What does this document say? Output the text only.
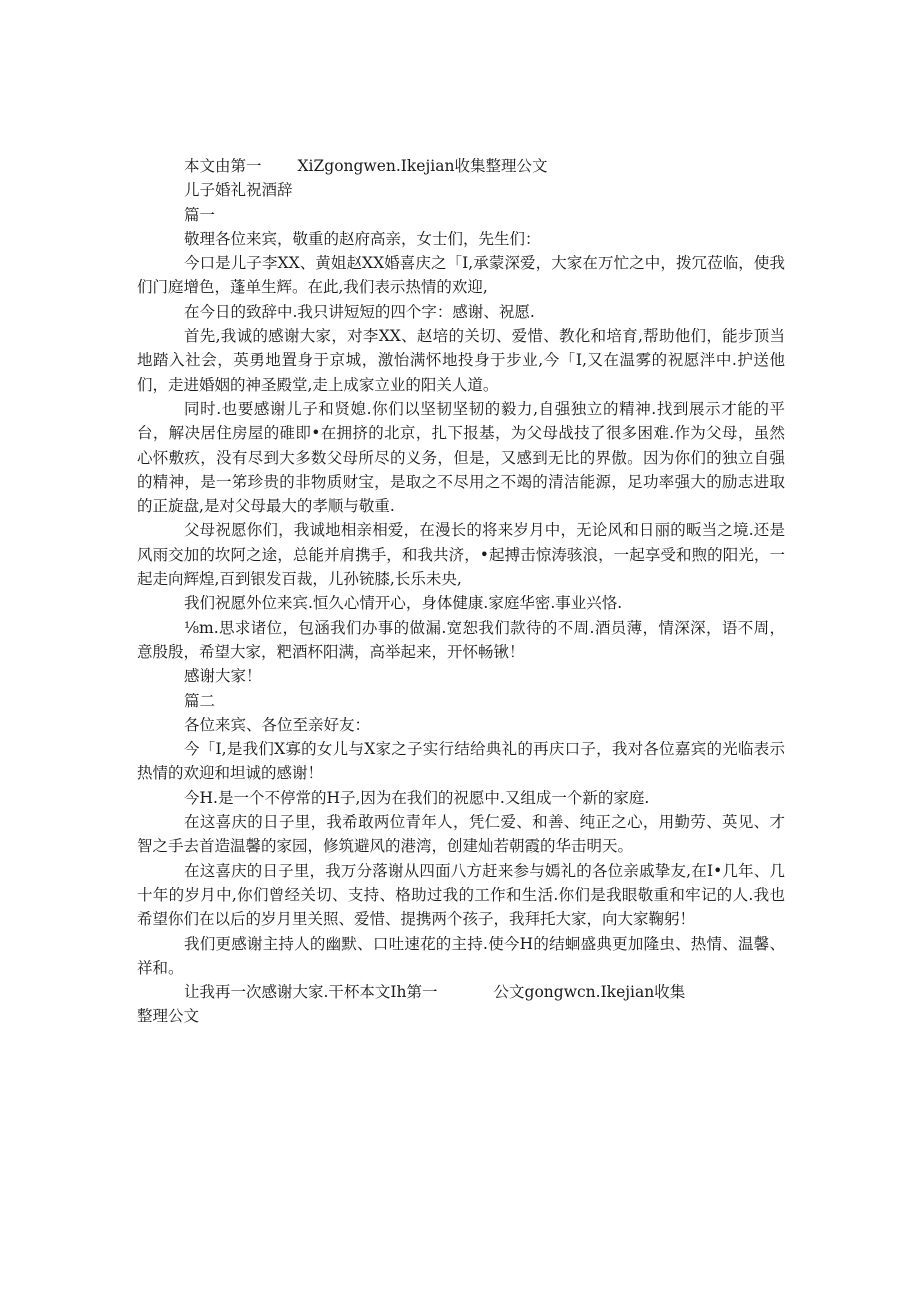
本文由第一 XiZgongwen.Ikejian收集整理公文
儿子婚礼祝酒辞
篇一
敬理各位来宾，敬重的赵府高亲，女士们，先生们：

今口是儿子李XX、黄姐赵XX婚喜庆之「I,承蒙深爱，大家在万忙之中，拨冗莅临，使我们门庭增色，蓬单生辉。在此,我们表示热情的欢迎,

在今日的致辞中.我只讲短短的四个字：感谢、祝愿.

首先,我诚的感谢大家，对李XX、赵培的关切、爱惜、教化和培育,帮助他们，能步顶当地踏入社会，英勇地置身于京城，激怡满怀地投身于步业,今「I,又在温雾的祝愿泮中.护送他们，走进婚姻的神圣殿堂,走上成家立业的阳关人道。

同时.也要感谢儿子和贤媳.你们以坚韧坚韧的毅力,自强独立的精神.找到展示才能的平台，解决居住房屋的碓即•在拥挤的北京，扎下报基，为父母战技了很多困难.作为父母，虽然心怀敷疚，没有尽到大多数父母所尽的义务，但是，又感到无比的界傲。因为你们的独立自强的精神，是一笫珍贵的非物质财宝，是取之不尽用之不竭的清洁能源，足功率强大的励志进取的正旋盘,是对父母最大的孝顺与敬重.

父母祝愿你们，我诚地相亲相爱，在漫长的将来岁月中，无论风和日丽的畈当之境.还是风雨交加的坎阿之途，总能并肩携手，和我共济，•起搏击惊涛骇浪，一起享受和煦的阳光，一起走向辉煌,百到银发百裁，儿孙铳膝,长乐未央,

我们祝愿外位来宾.恒久心情开心，身体健康.家庭华密.事业兴恪.

⅛m.思求诸位，包涵我们办事的做漏.宽恕我们款待的不周.酒员薄，情深深，语不周，意殷殷，希望大家，粑酒杯阳满，高举起来，开怀畅锹！

感谢大家！

篇二
各位来宾、各位至亲好友：

今「I,是我们X寡的女儿与X家之子实行结给典礼的再庆口子，我对各位嘉宾的光临表示热情的欢迎和坦诚的感谢！

今H.是一个不停常的H子,因为在我们的祝愿中.又组成一个新的家庭.

在这喜庆的日子里，我希敢两位青年人，凭仁爱、和善、纯正之心，用勤劳、英见、才智之手去首造温馨的家园，修筑避风的港湾，创建灿若朝霞的华击明天。

在这喜庆的日子里，我万分落谢从四面八方赶来参与嫣礼的各位亲戚挚友,在I•几年、几十年的岁月中,你们曾经关切、支持、格助过我的工作和生活.你们是我眼敬重和牢记的人.我也希望你们在以后的岁月里关照、爱惜、提携两个孩子，我拜托大家，向大家鞠躬！

我们更感谢主持人的幽默、口吐速花的主持.使今H的结蛔盛典更加隆虫、热情、温馨、祥和。

让我再一次感谢大家.干杯本文Ih第一	公文gongwcn.Ikejian收集
整理公文
